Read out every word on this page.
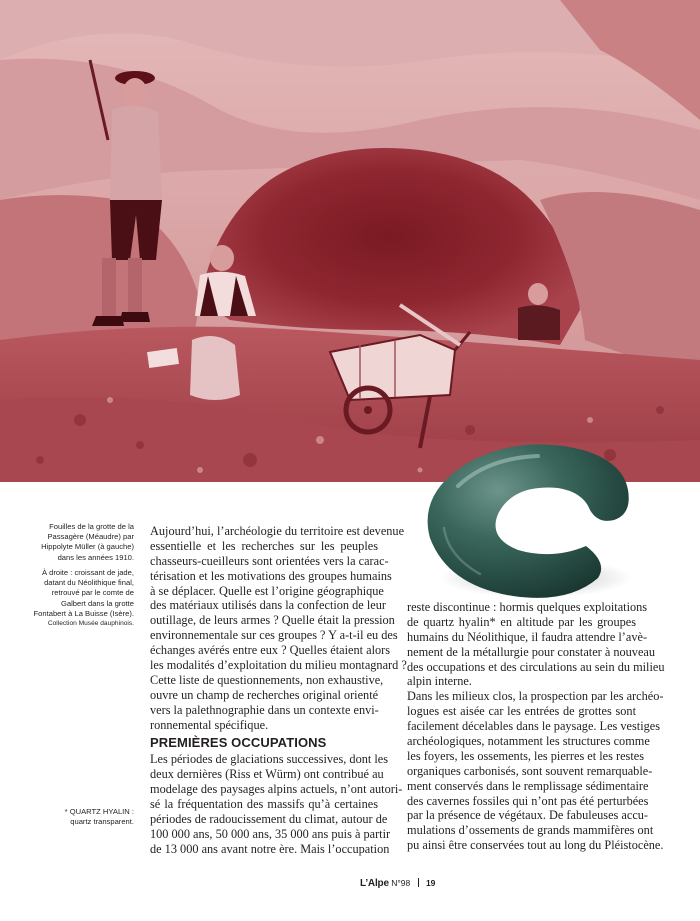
Fouilles de la grotte de la
Passagère (Méaudre) par
Hippolyte Müller (à gauche)
dans les années 1910.
À droite : croissant de jade,
datant du Néolithique final,
retrouvé par le comte de
Galbert dans la grotte
Fontabert à La Buisse (Isère).
Collection Musée dauphinois.
* QUARTZ HYALIN :
quartz transparent.
Aujourd’hui, l’archéologie du territoire est devenue
essentielle et les recherches sur les peuples
chasseurs-cueilleurs sont orientées vers la carac-
térisation et les motivations des groupes humains
à se déplacer. Quelle est l’origine géographique
des matériaux utilisés dans la confection de leur
outillage, de leurs armes ? Quelle était la pression
environnementale sur ces groupes ? Y a-t-il eu des
échanges avérés entre eux ? Quelles étaient alors
les modalités d’exploitation du milieu montagnard ?
Cette liste de questionnements, non exhaustive,
ouvre un champ de recherches original orienté
vers la palethnographie dans un contexte envi-
ronnemental spécifique.
PREMIÈRES OCCUPATIONS
Les périodes de glaciations successives, dont les
deux dernières (Riss et Würm) ont contribué au
modelage des paysages alpins actuels, n’ont autori-
sé la fréquentation des massifs qu’à certaines
périodes de radoucissement du climat, autour de
100 000 ans, 50 000 ans, 35 000 ans puis à partir
de 13 000 ans avant notre ère. Mais l’occupation
reste discontinue : hormis quelques exploitations
de quartz hyalin* en altitude par les groupes
humains du Néolithique, il faudra attendre l’avè-
nement de la métallurgie pour constater à nouveau
des occupations et des circulations au sein du milieu
alpin interne.
Dans les milieux clos, la prospection par les archéo-
logues est aisée car les entrées de grottes sont
facilement décelables dans le paysage. Les vestiges
archéologiques, notamment les structures comme
les foyers, les ossements, les pierres et les restes
organiques carbonisés, sont souvent remarquable-
ment conservés dans le remplissage sédimentaire
des cavernes fossiles qui n’ont pas été perturbées
par la présence de végétaux. De fabuleuses accu-
mulations d’ossements de grands mammifères ont
pu ainsi être conservées tout au long du Pléistocène.
L’Alpe N°98 19
